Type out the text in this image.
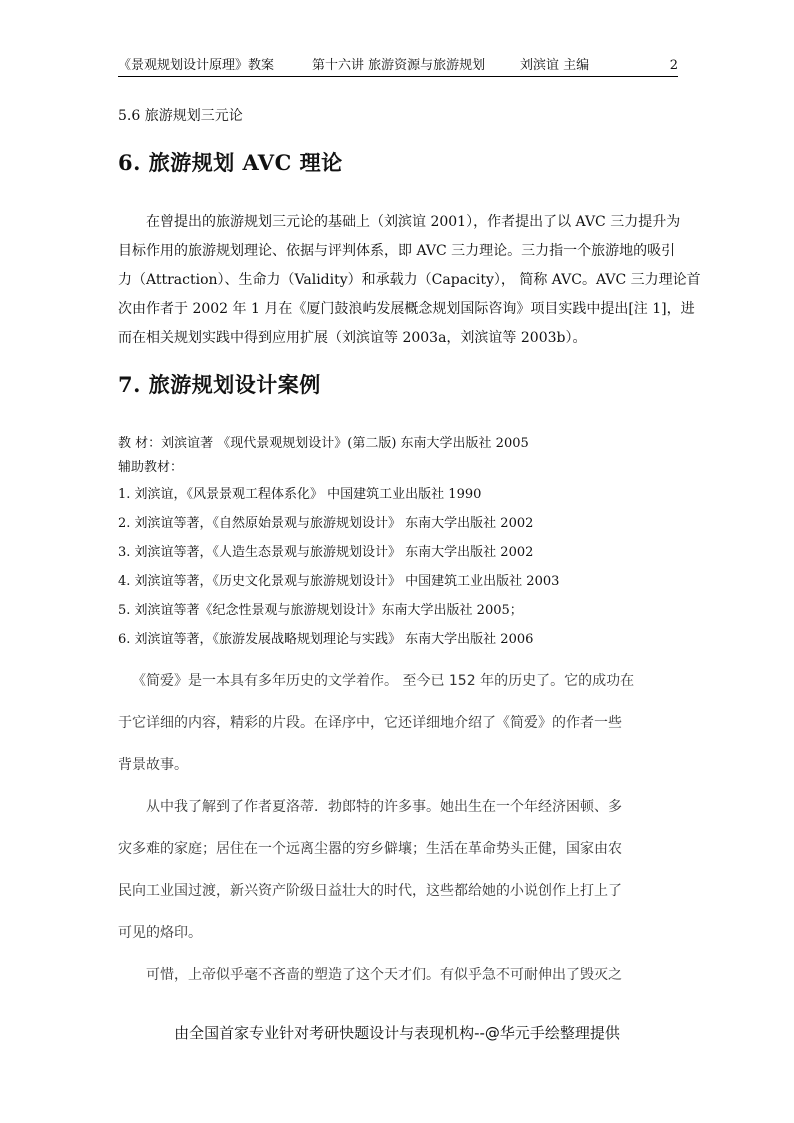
《景观规划设计原理》教案	第十六讲 旅游资源与旅游规划	刘滨谊 主编	2
5.6 旅游规划三元论
6. 旅游规划 AVC 理论
在曾提出的旅游规划三元论的基础上（刘滨谊 2001），作者提出了以 AVC 三力提升为
目标作用的旅游规划理论、依据与评判体系，即 AVC 三力理论。三力指一个旅游地的吸引
力（Attraction）、生命力（Validity）和承载力（Capacity）， 简称 AVC。AVC 三力理论首
次由作者于 2002 年 1 月在《厦门鼓浪屿发展概念规划国际咨询》项目实践中提出[注 1]，进
而在相关规划实践中得到应用扩展（刘滨谊等 2003a，刘滨谊等 2003b）。
7. 旅游规划设计案例
教 材：刘滨谊著 《现代景观规划设计》(第二版) 东南大学出版社 2005
辅助教材：
1. 刘滨谊，《风景景观工程体系化》 中国建筑工业出版社 1990
2. 刘滨谊等著，《自然原始景观与旅游规划设计》 东南大学出版社 2002
3. 刘滨谊等著，《人造生态景观与旅游规划设计》 东南大学出版社 2002
4. 刘滨谊等著，《历史文化景观与旅游规划设计》 中国建筑工业出版社 2003
5. 刘滨谊等著《纪念性景观与旅游规划设计》东南大学出版社 2005；
6. 刘滨谊等著，《旅游发展战略规划理论与实践》 东南大学出版社 2006
《简爱》是一本具有多年历史的文学着作。 至今已 152 年的历史了。它的成功在
于它详细的内容，精彩的片段。在译序中，它还详细地介绍了《简爱》的作者一些
背景故事。
从中我了解到了作者夏洛蒂．勃郎特的许多事。她出生在一个年经济困顿、多
灾多难的家庭；居住在一个远离尘嚣的穷乡僻壤；生活在革命势头正健，国家由农
民向工业国过渡，新兴资产阶级日益壮大的时代，这些都给她的小说创作上打上了
可见的烙印。
可惜，上帝似乎毫不吝啬的塑造了这个天才们。有似乎急不可耐伸出了毁灭之
由全国首家专业针对考研快题设计与表现机构--@华元手绘整理提供
